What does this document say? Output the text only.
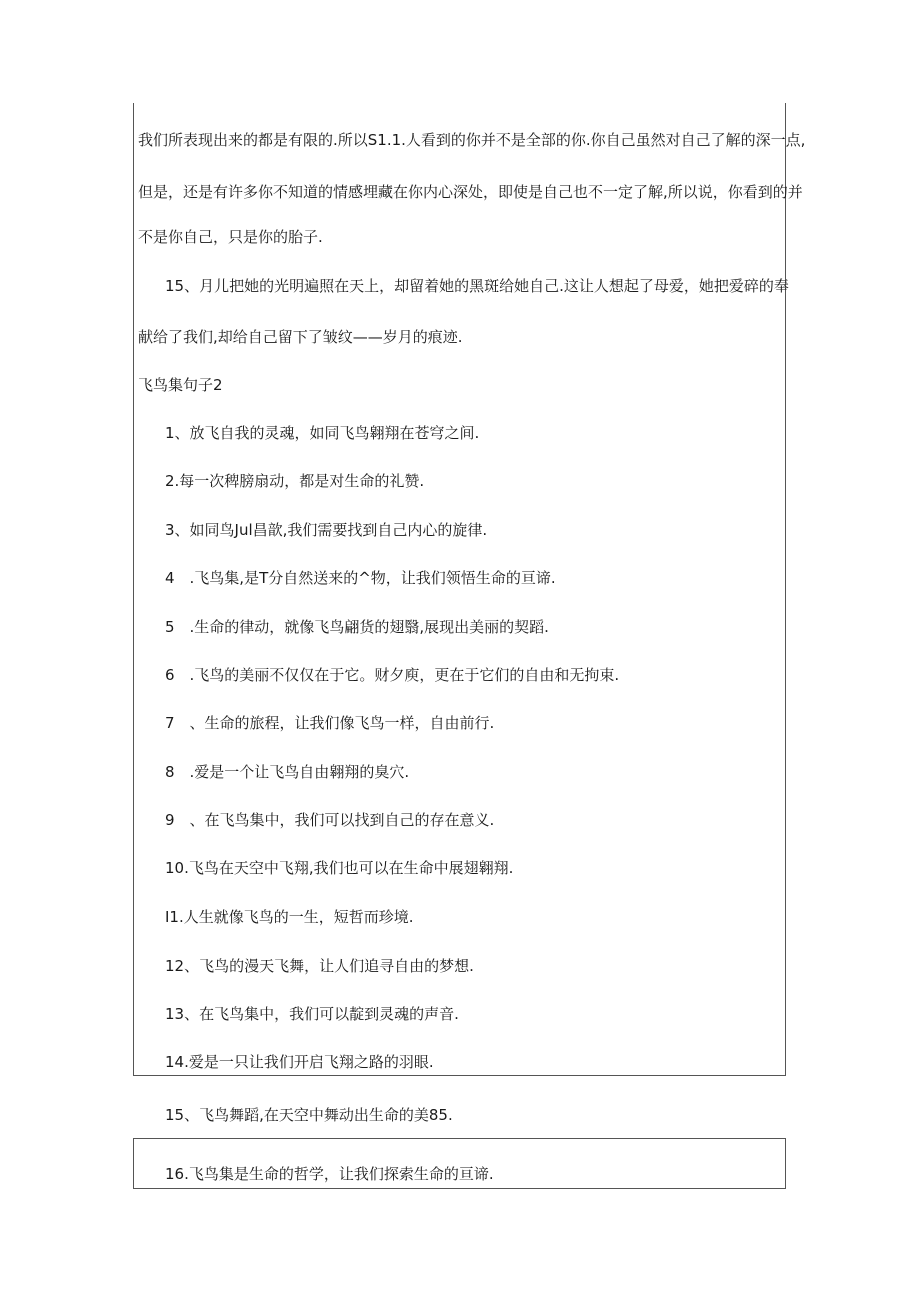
我们所表现出来的都是有限的.所以S1.1.人看到的你并不是全部的你.你自己虽然对自己了解的深一点,
但是，还是有许多你不知道的情感埋藏在你内心深处，即使是自己也不一定了解,所以说，你看到的并
不是你自己，只是你的胎子.
15、月儿把她的光明遍照在天上，却留着她的黑斑给她自己.这让人想起了母爱，她把爱碎的奉
献给了我们,却给自己留下了皱纹——岁月的痕迹.
飞鸟集句子2
1、放飞自我的灵魂，如同飞鸟翱翔在苍穹之间.
2.每一次稗膀扇动，都是对生命的礼赞.
3、如同鸟Jul昌歆,我们需要找到自己内心的旋律.
4　.飞鸟集,是T分自然送来的^物，让我们领悟生命的亘谛.
5　.生命的律动，就像飞鸟翩货的翅翳,展现出美丽的契蹈.
6　.飞鸟的美丽不仅仅在于它。财夕庾，更在于它们的自由和无拘束.
7　、生命的旅程，让我们像飞鸟一样，自由前行.
8　.爱是一个让飞鸟自由翱翔的臭穴.
9　、在飞鸟集中，我们可以找到自己的存在意义.
10.飞鸟在天空中飞翔,我们也可以在生命中展翅翱翔.
I1.人生就像飞鸟的一生，短哲而珍境.
12、飞鸟的漫天飞舞，让人们追寻自由的梦想.
13、在飞鸟集中，我们可以靛到灵魂的声音.
14.爱是一只让我们开启飞翔之路的羽眼.
15、飞鸟舞蹈,在天空中舞动出生命的美85.
16.飞鸟集是生命的哲学，让我们探索生命的亘谛.
